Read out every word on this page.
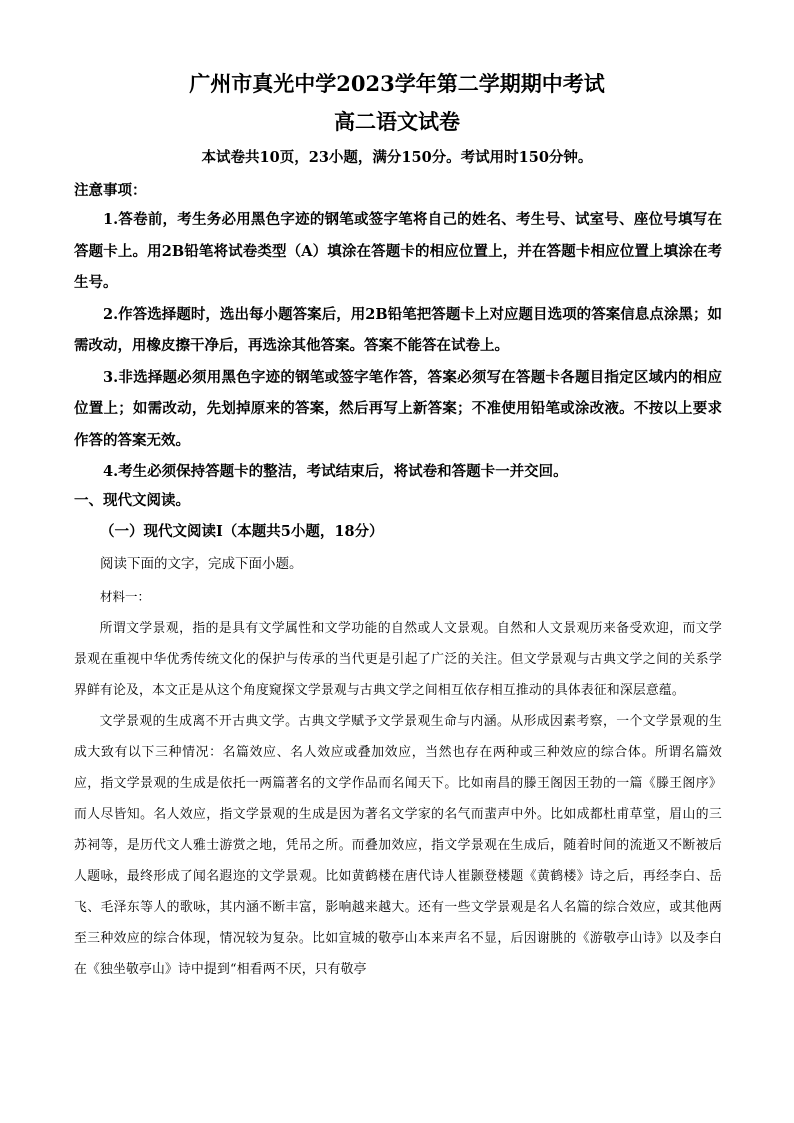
广州市真光中学2023学年第二学期期中考试
高二语文试卷
本试卷共10页，23小题，满分150分。考试用时150分钟。
注意事项：

1.答卷前，考生务必用黑色字迹的钢笔或签字笔将自己的姓名、考生号、试室号、座位号填写在答题卡上。用2B铅笔将试卷类型（A）填涂在答题卡的相应位置上，并在答题卡相应位置上填涂在考生号。

2.作答选择题时，选出每小题答案后，用2B铅笔把答题卡上对应题目选项的答案信息点涂黑；如需改动，用橡皮擦干净后，再选涂其他答案。答案不能答在试卷上。

3.非选择题必须用黑色字迹的钢笔或签字笔作答，答案必须写在答题卡各题目指定区域内的相应位置上；如需改动，先划掉原来的答案，然后再写上新答案；不准使用铅笔或涂改液。不按以上要求作答的答案无效。

4.考生必须保持答题卡的整洁，考试结束后，将试卷和答题卡一并交回。

一、现代文阅读。
（一）现代文阅读Ⅰ（本题共5小题，18分）
阅读下面的文字，完成下面小题。
材料一：

所谓文学景观，指的是具有文学属性和文学功能的自然或人文景观。自然和人文景观历来备受欢迎，而文学景观在重视中华优秀传统文化的保护与传承的当代更是引起了广泛的关注。但文学景观与古典文学之间的关系学界鲜有论及，本文正是从这个角度窥探文学景观与古典文学之间相互依存相互推动的具体表征和深层意蕴。

文学景观的生成离不开古典文学。古典文学赋予文学景观生命与内涵。从形成因素考察，一个文学景观的生成大致有以下三种情况：名篇效应、名人效应或叠加效应，当然也存在两种或三种效应的综合体。所谓名篇效应，指文学景观的生成是依托一两篇著名的文学作品而名闻天下。比如南昌的滕王阁因王勃的一篇《滕王阁序》而人尽皆知。名人效应，指文学景观的生成是因为著名文学家的名气而蜚声中外。比如成都杜甫草堂，眉山的三苏祠等，是历代文人雅士游赏之地，凭吊之所。而叠加效应，指文学景观在生成后，随着时间的流逝又不断被后人题咏，最终形成了闻名遐迩的文学景观。比如黄鹤楼在唐代诗人崔颢登楼题《黄鹤楼》诗之后，再经李白、岳飞、毛泽东等人的歌咏，其内涵不断丰富，影响越来越大。还有一些文学景观是名人名篇的综合效应，或其他两至三种效应的综合体现，情况较为复杂。比如宣城的敬亭山本来声名不显，后因谢朓的《游敬亭山诗》以及李白在《独坐敬亭山》诗中提到“相看两不厌，只有敬亭
